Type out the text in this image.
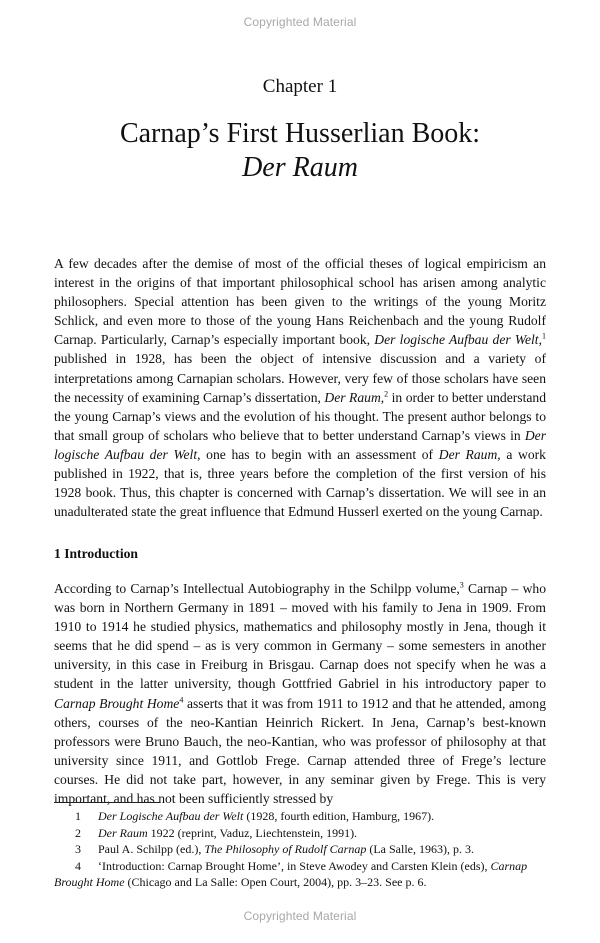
Copyrighted Material
Chapter 1
Carnap’s First Husserlian Book:
Der Raum

A few decades after the demise of most of the official theses of logical empiricism an interest in the origins of that important philosophical school has arisen among analytic philosophers. Special attention has been given to the writings of the young Moritz Schlick, and even more to those of the young Hans Reichenbach and the young Rudolf Carnap. Particularly, Carnap’s especially important book, Der logische Aufbau der Welt,$^1$ published in 1928, has been the object of intensive discussion and a variety of interpretations among Carnapian scholars. However, very few of those scholars have seen the necessity of examining Carnap’s dissertation, Der Raum,$^2$ in order to better understand the young Carnap’s views and the evolution of his thought. The present author belongs to that small group of scholars who believe that to better understand Carnap’s views in Der logische Aufbau der Welt, one has to begin with an assessment of Der Raum, a work published in 1922, that is, three years before the completion of the first version of his 1928 book. Thus, this chapter is concerned with Carnap’s dissertation. We will see in an unadulterated state the great influence that Edmund Husserl exerted on the young Carnap.

1 Introduction

According to Carnap’s Intellectual Autobiography in the Schilpp volume,$^3$ Carnap – who was born in Northern Germany in 1891 – moved with his family to Jena in 1909. From 1910 to 1914 he studied physics, mathematics and philosophy mostly in Jena, though it seems that he did spend – as is very common in Germany – some semesters in another university, in this case in Freiburg in Brisgau. Carnap does not specify when he was a student in the latter university, though Gottfried Gabriel in his introductory paper to Carnap Brought Home$^4$ asserts that it was from 1911 to 1912 and that he attended, among others, courses of the neo-Kantian Heinrich Rickert. In Jena, Carnap’s best-known professors were Bruno Bauch, the neo-Kantian, who was professor of philosophy at that university since 1911, and Gottlob Frege. Carnap attended three of Frege’s lecture courses. He did not take part, however, in any seminar given by Frege. This is very important, and has not been sufficiently stressed by

1 Der Logische Aufbau der Welt (1928, fourth edition, Hamburg, 1967).

2 Der Raum 1922 (reprint, Vaduz, Liechtenstein, 1991).

3 Paul A. Schilpp (ed.), The Philosophy of Rudolf Carnap (La Salle, 1963), p. 3.

4 ‘Introduction: Carnap Brought Home’, in Steve Awodey and Carsten Klein (eds), Carnap Brought Home (Chicago and La Salle: Open Court, 2004), pp. 3–23. See p. 6.

Copyrighted Material
